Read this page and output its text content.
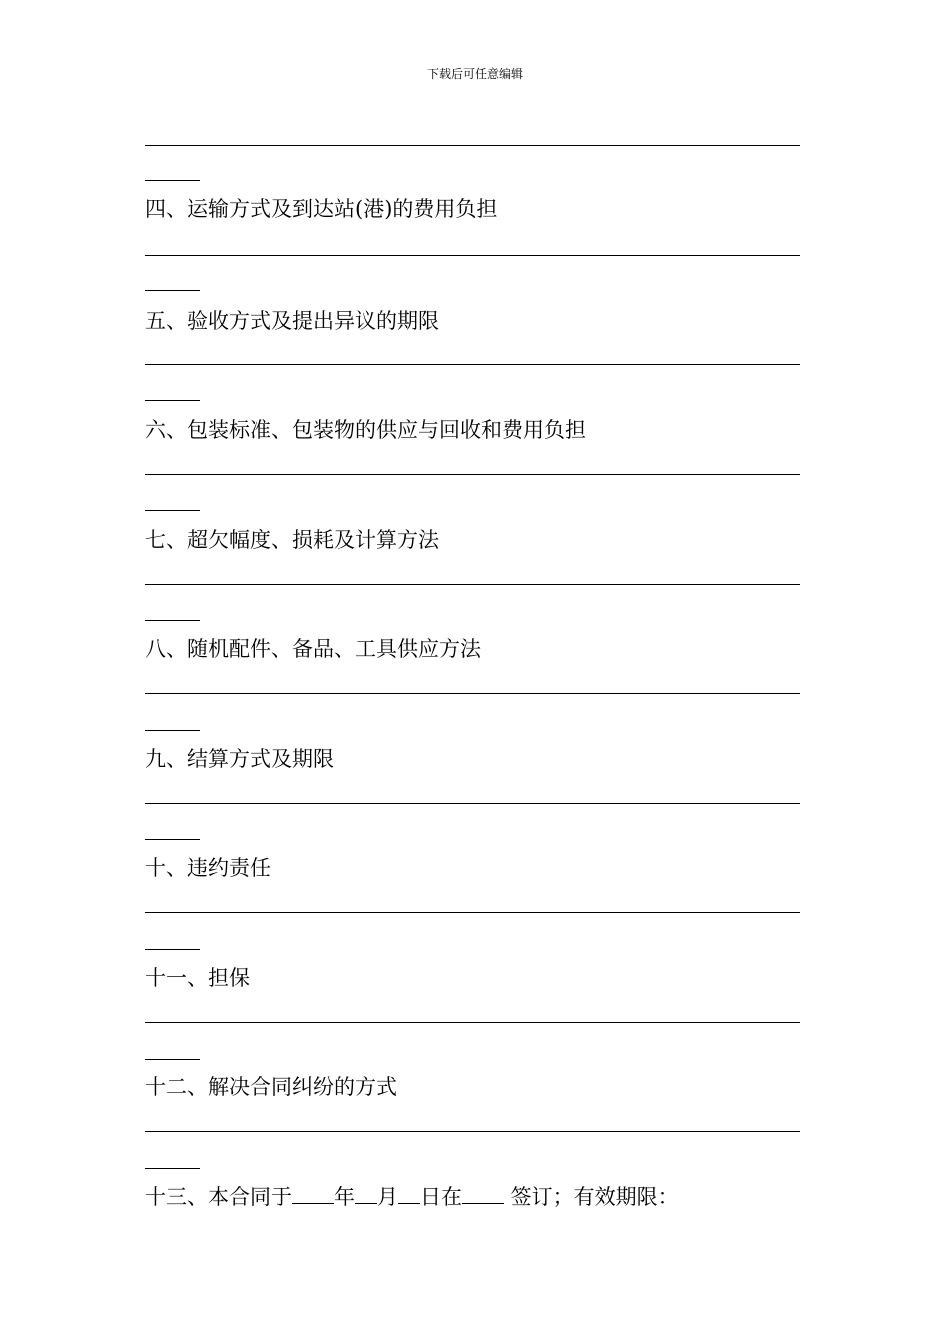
下载后可任意编辑
四、运输方式及到达站(港)的费用负担
五、验收方式及提出异议的期限
六、包装标准、包装物的供应与回收和费用负担
七、超欠幅度、损耗及计算方法
八、随机配件、备品、工具供应方法
九、结算方式及期限
十、违约责任
十一、担保
十二、解决合同纠纷的方式
十三、本合同于 年 月 日在 签订；有效期限：
